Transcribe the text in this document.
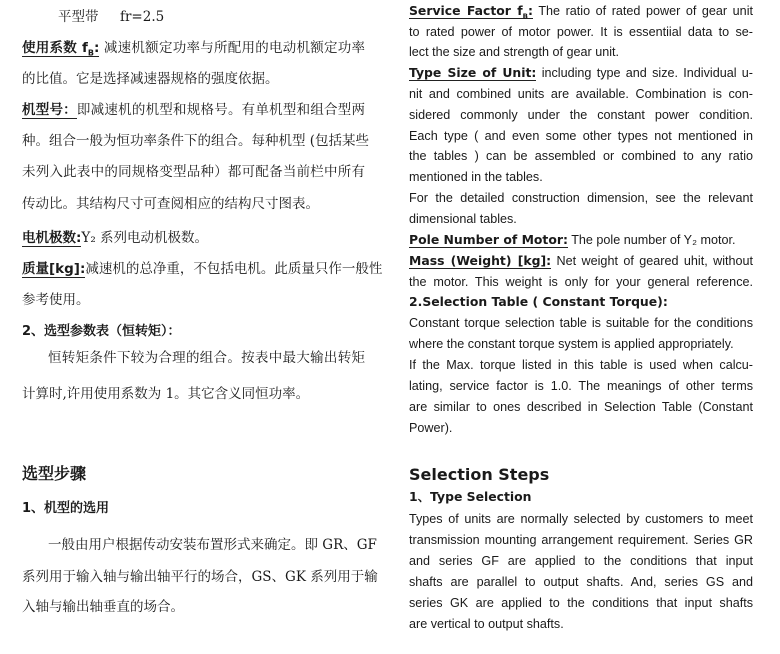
平型带 fr=2.5
使用系数 $f_B$: 减速机额定功率与所配用的电动机额定功率
的比值。它是选择减速器规格的强度依据。
机型号：即减速机的机型和规格号。有单机型和组合型两
种。组合一般为恒功率条件下的组合。每种机型 (包括某些
未列入此表中的同规格变型品种）都可配备当前栏中所有
传动比。其结构尺寸可查阅相应的结构尺寸图表。
电机极数:Y₂ 系列电动机极数。
质量[kg]:减速机的总净重，不包括电机。此质量只作一般性
参考使用。
2、选型参数表（恒转矩）：
恒转矩条件下较为合理的组合。按表中最大输出转矩
计算时,许用使用系数为 1。其它含义同恒功率。
选型步骤
1、机型的选用
一般由用户根据传动安装布置形式来确定。即 GR、GF
系列用于输入轴与输出轴平行的场合，GS、GK 系列用于输
入轴与输出轴垂直的场合。
Service Factor $f_B$: The ratio of rated power of gear unit
to rated power of motor power. It is essentiial data to se-
lect the size and strength of gear unit.
Type Size of Unit: including type and size. Individual u-
nit and combined units are available. Combination is con-
sidered commonly under the constant power condition.
Each type ( and even some other types not mentioned in
the tables ) can be assembled or combined to any ratio
mentioned in the tables.
For the detailed construction dimension, see the relevant
dimensional tables.
Pole Number of Motor: The pole number of Y₂ motor.
Mass (Weight) [kg]: Net weight of geared uhit, without
the motor. This weight is only for your general reference.
2.Selection Table ( Constant Torque):
Constant torque selection table is suitable for the conditions
where the constant torque system is applied appropriately.
If the Max. torque listed in this table is used when calcu-
lating, service factor is 1.0. The meanings of other terms
are similar to ones described in Selection Table (Constant
Power).
Selection Steps
1、Type Selection
Types of units are normally selected by customers to meet
transmission mounting arrangement requirement. Series GR
and series GF are applied to the conditions that input
shafts are parallel to output shafts. And, series GS and
series GK are applied to the conditions that input shafts
are vertical to output shafts.
